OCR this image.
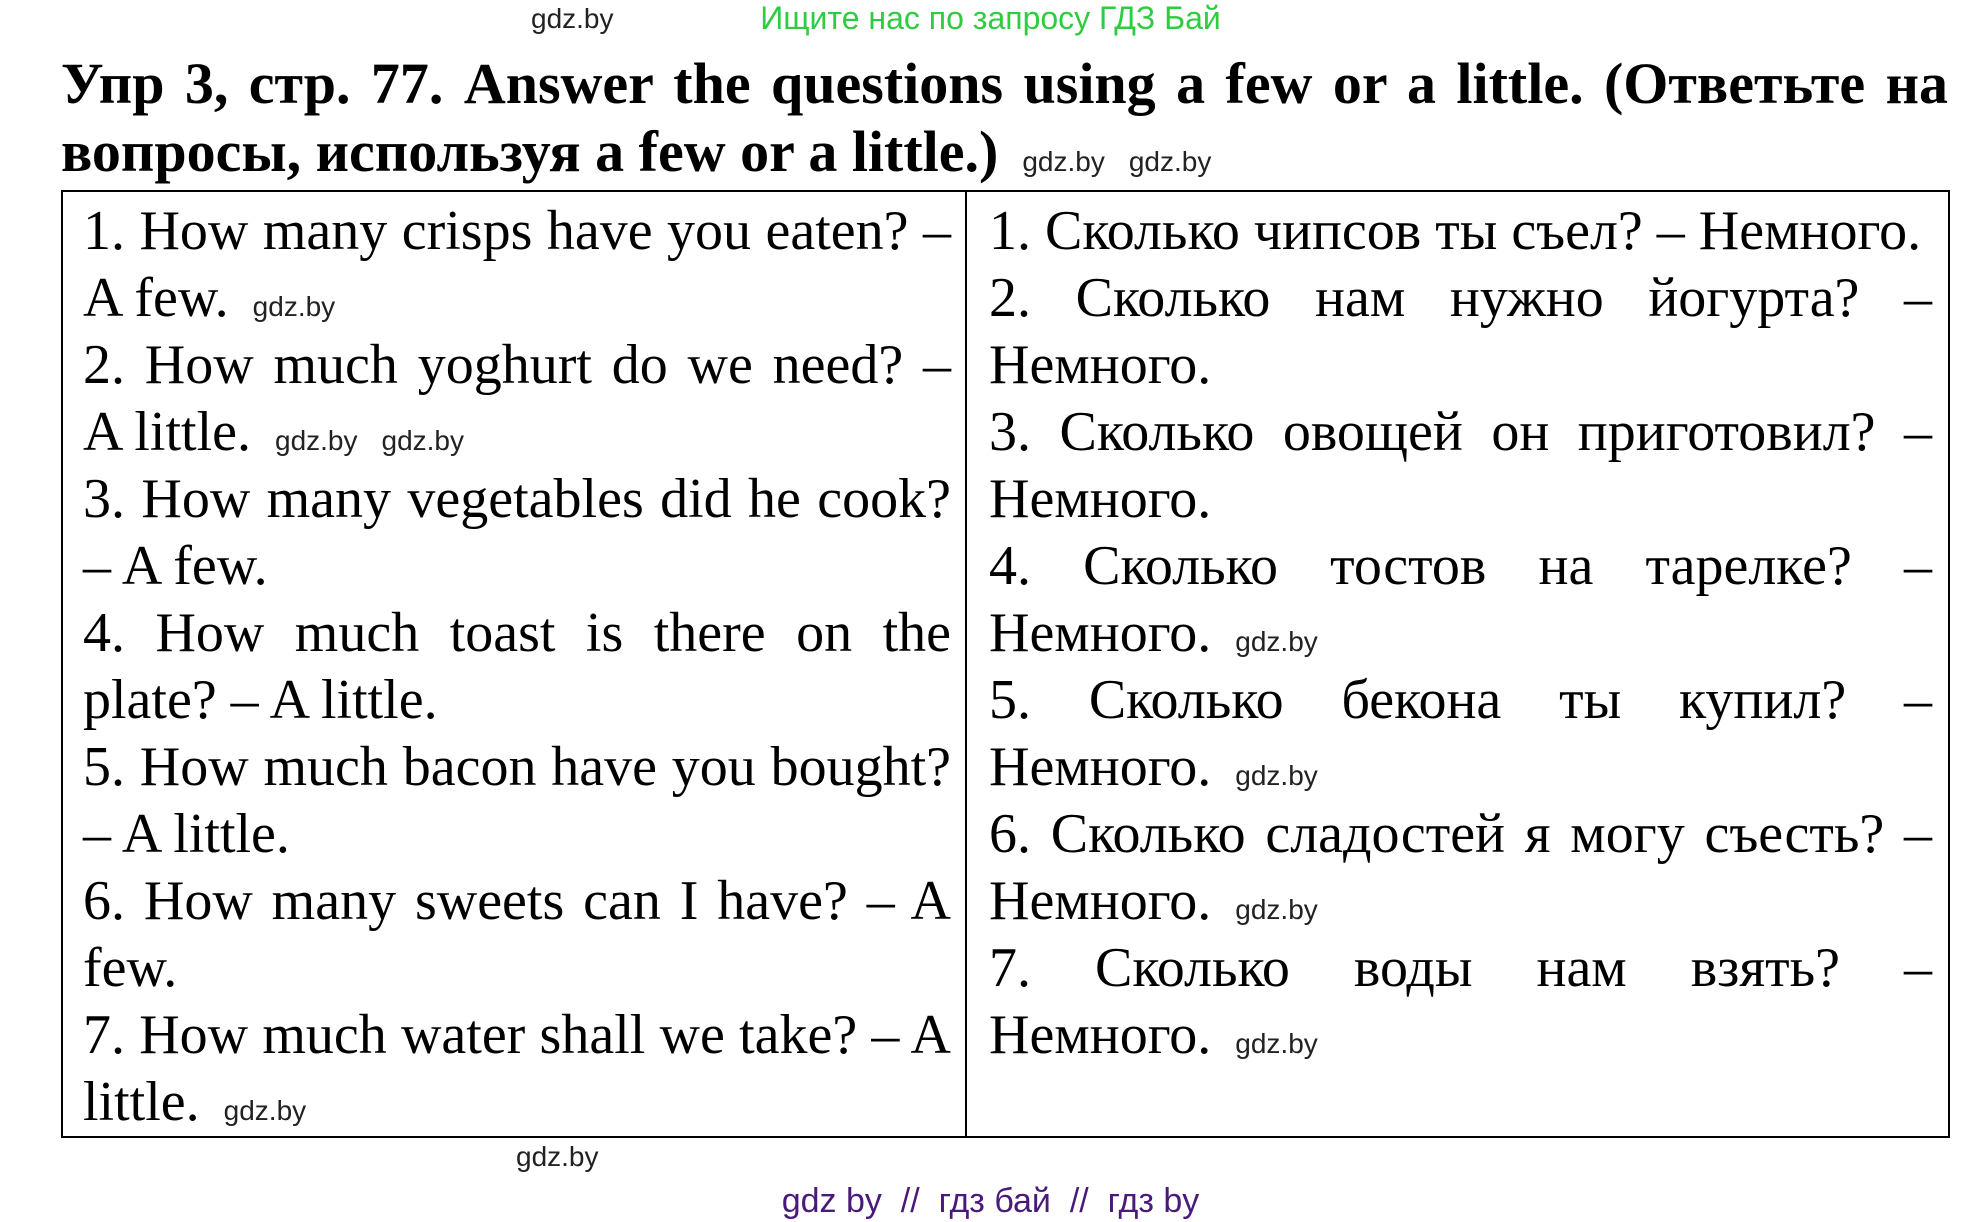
Ищите нас по запросу ГДЗ Бай
gdz.by

Упр 3, стр. 77. Answer the questions using a few or a little. (Ответьте на вопросы, используя a few or a little.) gdz.by gdz.by

1. How many crisps have you eaten? – A few. gdz.by

2. How much yoghurt do we need? – A little. gdz.by gdz.by

3. How many vegetables did he cook? – A few.

4. How much toast is there on the plate? – A little.

5. How much bacon have you bought? – A little.

6. How many sweets can I have? – A few.

7. How much water shall we take? – A little. gdz.by

1. Сколько чипсов ты съел? – Немного.

2. Сколько нам нужно йогурта? – Немного.

3. Сколько овощей он приготовил? – Немного.

4. Сколько тостов на тарелке? – Немного. gdz.by

5. Сколько бекона ты купил? – Немного. gdz.by

6. Сколько сладостей я могу съесть? – Немного. gdz.by

7. Сколько воды нам взять? – Немного. gdz.by

gdz.by
gdz by  //  гдз бай  //  гдз by
